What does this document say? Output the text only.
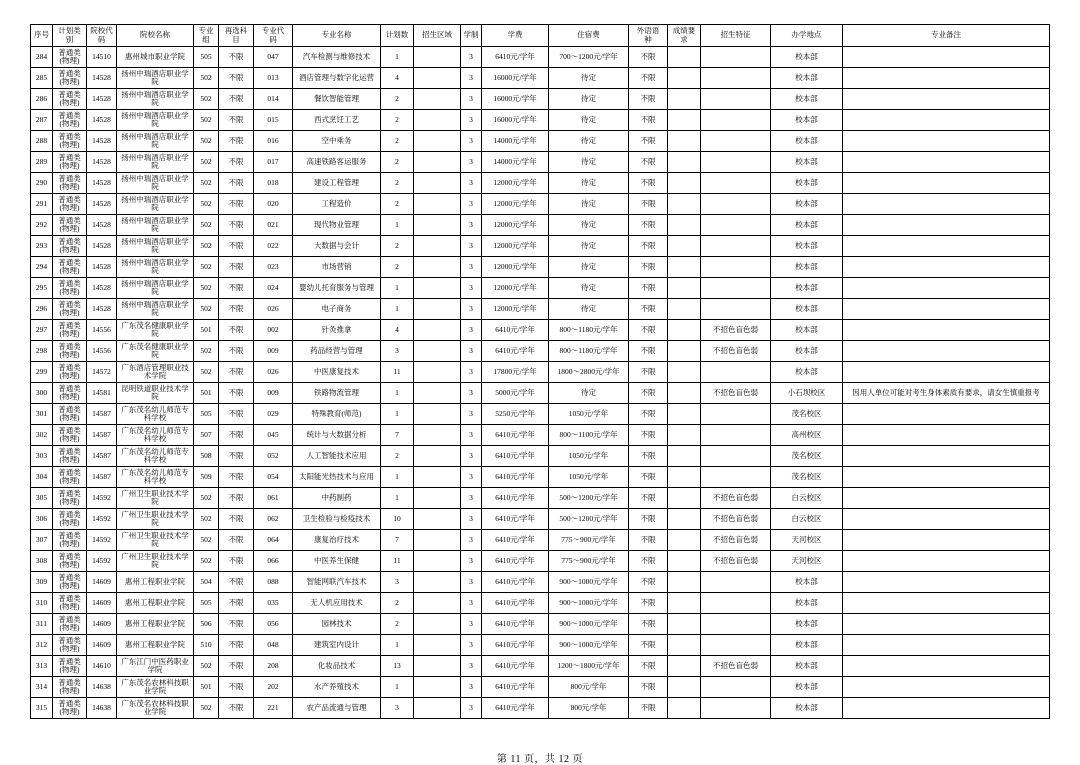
序号	计划类别	院校代码	院校名称	专业组	再选科目	专业代码	专业名称	计划数	招生区域	学制	学费	住宿费	外语语种	成绩要求	招生特征	办学地点	专业备注
284	普通类(物理)	14510	惠州城市职业学院	505	不限	047	汽车检测与维修技术	1		3	6410元/学年	700～1200元/学年	不限			校本部	
285	普通类(物理)	14528	扬州中瑞酒店职业学院	502	不限	013	酒店管理与数字化运营	4		3	16000元/学年	待定	不限			校本部	
286	普通类(物理)	14528	扬州中瑞酒店职业学院	502	不限	014	餐饮智能管理	2		3	16000元/学年	待定	不限			校本部	
287	普通类(物理)	14528	扬州中瑞酒店职业学院	502	不限	015	西式烹饪工艺	2		3	16000元/学年	待定	不限			校本部	
288	普通类(物理)	14528	扬州中瑞酒店职业学院	502	不限	016	空中乘务	2		3	14000元/学年	待定	不限			校本部	
289	普通类(物理)	14528	扬州中瑞酒店职业学院	502	不限	017	高速铁路客运服务	2		3	14000元/学年	待定	不限			校本部	
290	普通类(物理)	14528	扬州中瑞酒店职业学院	502	不限	018	建设工程管理	2		3	12000元/学年	待定	不限			校本部	
291	普通类(物理)	14528	扬州中瑞酒店职业学院	502	不限	020	工程造价	2		3	12000元/学年	待定	不限			校本部	
292	普通类(物理)	14528	扬州中瑞酒店职业学院	502	不限	021	现代物业管理	1		3	12000元/学年	待定	不限			校本部	
293	普通类(物理)	14528	扬州中瑞酒店职业学院	502	不限	022	大数据与会计	2		3	12000元/学年	待定	不限			校本部	
294	普通类(物理)	14528	扬州中瑞酒店职业学院	502	不限	023	市场营销	2		3	12000元/学年	待定	不限			校本部	
295	普通类(物理)	14528	扬州中瑞酒店职业学院	502	不限	024	婴幼儿托育服务与管理	1		3	12000元/学年	待定	不限			校本部	
296	普通类(物理)	14528	扬州中瑞酒店职业学院	502	不限	026	电子商务	1		3	12000元/学年	待定	不限			校本部	
297	普通类(物理)	14556	广东茂名健康职业学院	501	不限	002	针灸推拿	4		3	6410元/学年	800～1180元/学年	不限		不招色盲色弱	校本部	
298	普通类(物理)	14556	广东茂名健康职业学院	502	不限	009	药品经营与管理	3		3	6410元/学年	800～1180元/学年	不限		不招色盲色弱	校本部	
299	普通类(物理)	14572	广东酒店管理职业技术学院	502	不限	026	中医康复技术	11		3	17800元/学年	1800～2800元/学年	不限			校本部	
300	普通类(物理)	14581	昆明铁道职业技术学院	501	不限	009	铁路物流管理	1		3	5000元/学年	待定	不限		不招色盲色弱	小石坝校区	因用人单位可能对考生身体素质有要求，请女生慎重报考
301	普通类(物理)	14587	广东茂名幼儿师范专科学校	505	不限	029	特殊教育(师范)	1		3	5250元/学年	1050元/学年	不限			茂名校区	
302	普通类(物理)	14587	广东茂名幼儿师范专科学校	507	不限	045	统计与大数据分析	7		3	6410元/学年	800～1100元/学年	不限			高州校区	
303	普通类(物理)	14587	广东茂名幼儿师范专科学校	508	不限	052	人工智能技术应用	2		3	6410元/学年	1050元/学年	不限			茂名校区	
304	普通类(物理)	14587	广东茂名幼儿师范专科学校	509	不限	054	太阳能光热技术与应用	1		3	6410元/学年	1050元/学年	不限			茂名校区	
305	普通类(物理)	14592	广州卫生职业技术学院	502	不限	061	中药制药	1		3	6410元/学年	500～1200元/学年	不限		不招色盲色弱	白云校区	
306	普通类(物理)	14592	广州卫生职业技术学院	502	不限	062	卫生检验与检疫技术	10		3	6410元/学年	500～1200元/学年	不限		不招色盲色弱	白云校区	
307	普通类(物理)	14592	广州卫生职业技术学院	502	不限	064	康复治疗技术	7		3	6410元/学年	775～900元/学年	不限		不招色盲色弱	天河校区	
308	普通类(物理)	14592	广州卫生职业技术学院	502	不限	066	中医养生保健	11		3	6410元/学年	775～900元/学年	不限		不招色盲色弱	天河校区	
309	普通类(物理)	14609	惠州工程职业学院	504	不限	088	智能网联汽车技术	3		3	6410元/学年	900～1000元/学年	不限			校本部	
310	普通类(物理)	14609	惠州工程职业学院	505	不限	035	无人机应用技术	2		3	6410元/学年	900～1000元/学年	不限			校本部	
311	普通类(物理)	14609	惠州工程职业学院	506	不限	056	园林技术	2		3	6410元/学年	900～1000元/学年	不限			校本部	
312	普通类(物理)	14609	惠州工程职业学院	510	不限	048	建筑室内设计	1		3	6410元/学年	900～1000元/学年	不限			校本部	
313	普通类(物理)	14610	广东江门中医药职业学院	502	不限	208	化妆品技术	13		3	6410元/学年	1200～1800元/学年	不限		不招色盲色弱	校本部	
314	普通类(物理)	14638	广东茂名农林科技职业学院	501	不限	202	水产养殖技术	1		3	6410元/学年	800元/学年	不限			校本部	
315	普通类(物理)	14638	广东茂名农林科技职业学院	502	不限	221	农产品流通与管理	3		3	6410元/学年	800元/学年	不限			校本部	
第 11 页，共 12 页
